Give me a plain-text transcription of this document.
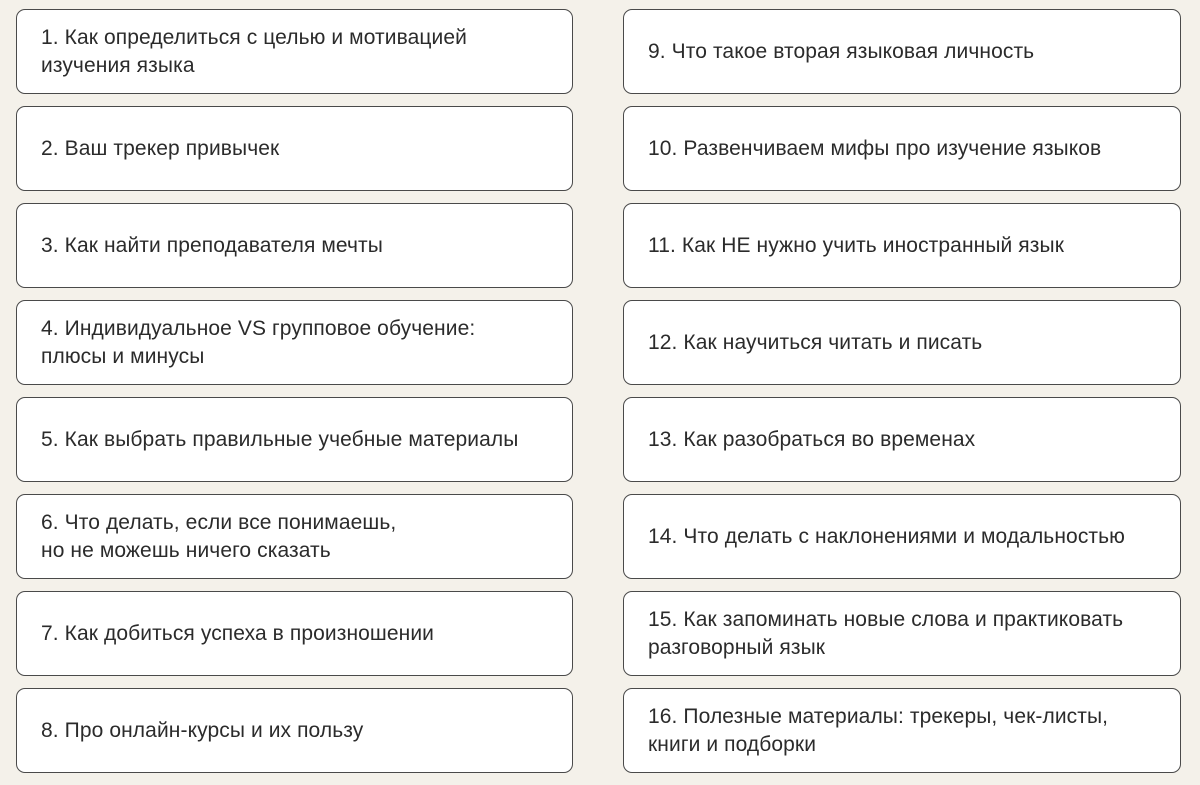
1. Как определиться с целью и мотивацией
изучения языка
2. Ваш трекер привычек
3. Как найти преподавателя мечты
4. Индивидуальное VS групповое обучение:
плюсы и минусы
5. Как выбрать правильные учебные материалы
6. Что делать, если все понимаешь,
но не можешь ничего сказать
7. Как добиться успеха в произношении
8. Про онлайн-курсы и их пользу
9. Что такое вторая языковая личность
10. Развенчиваем мифы про изучение языков
11. Как НЕ нужно учить иностранный язык
12. Как научиться читать и писать
13. Как разобраться во временах
14. Что делать с наклонениями и модальностью
15. Как запоминать новые слова и практиковать
разговорный язык
16. Полезные материалы: трекеры, чек-листы,
книги и подборки
